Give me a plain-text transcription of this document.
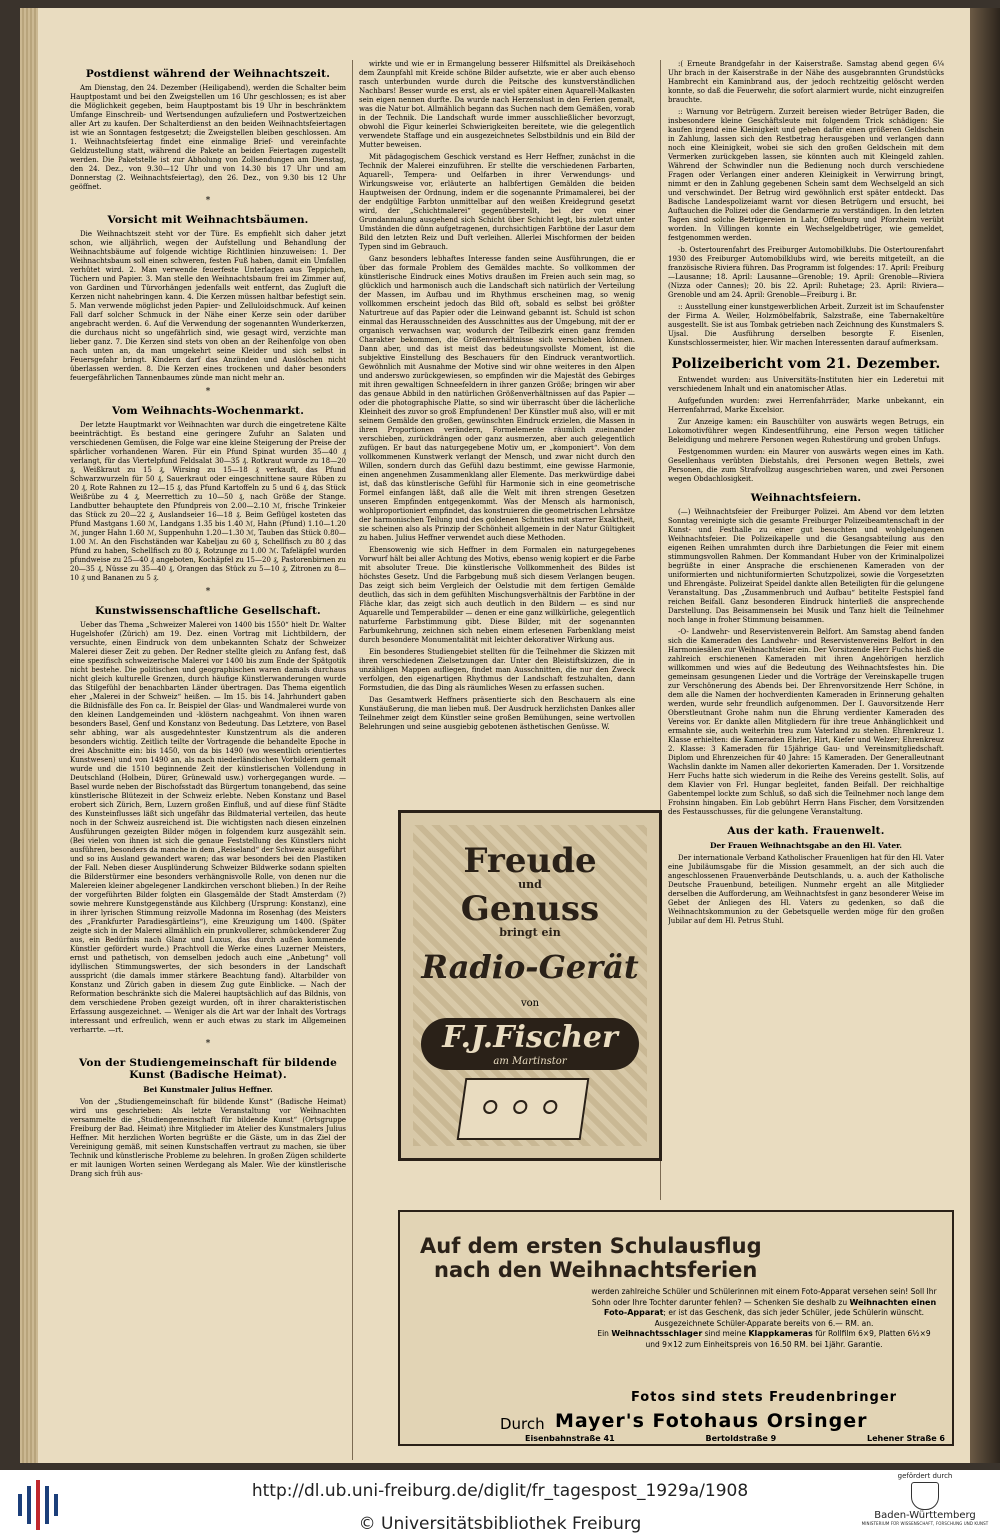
Postdienst während der Weihnachtszeit.

Am Dienstag, den 24. Dezember (Heiligabend), werden die Schalter beim Hauptpostamt und bei den Zweigstellen um 16 Uhr geschlossen; es ist aber die Möglichkeit gegeben, beim Hauptpostamt bis 19 Uhr in beschränktem Umfange Einschreib- und Wertsendungen aufzuliefern und Postwertzeichen aller Art zu kaufen. Der Schalterdienst an den beiden Weihnachtsfeiertagen ist wie an Sonntagen festgesetzt; die Zweigstellen bleiben geschlossen. Am 1. Weihnachtsfeiertag findet eine einmalige Brief- und vereinfachte Geldzustellung statt, während die Pakete an beiden Feiertagen zugestellt werden. Die Paketstelle ist zur Abholung von Zollsendungen am Dienstag, den 24. Dez., von 9.30—12 Uhr und von 14.30 bis 17 Uhr und am Donnerstag (2. Weihnachtsfeiertag), den 26. Dez., von 9.30 bis 12 Uhr geöffnet.

*
Vorsicht mit Weihnachtsbäumen.

Die Weihnachtszeit steht vor der Türe. Es empfiehlt sich daher jetzt schon, wie alljährlich, wegen der Aufstellung und Behandlung der Weihnachtsbäume auf folgende wichtige Richtlinien hinzuweisen: 1. Der Weihnachtsbaum soll einen schweren, festen Fuß haben, damit ein Umfallen verhütet wird. 2. Man verwende feuerfeste Unterlagen aus Teppichen, Tüchern und Papier. 3. Man stelle den Weihnachtsbaum frei im Zimmer auf, von Gardinen und Türvorhängen jedenfalls weit entfernt, das Zugluft die Kerzen nicht nahebringen kann. 4. Die Kerzen müssen haltbar befestigt sein. 5. Man verwende möglichst jeden Papier- und Zelluloidschmuck. Auf keinen Fall darf solcher Schmuck in der Nähe einer Kerze sein oder darüber angebracht werden. 6. Auf die Verwendung der sogenannten Wunderkerzen, die durchaus nicht so ungefährlich sind, wie gesagt wird, verzichte man lieber ganz. 7. Die Kerzen sind stets von oben an der Reihenfolge von oben nach unten an, da man umgekehrt seine Kleider und sich selbst in Feuersgefahr bringt. Kindern darf das Anzünden und Auslöschen nicht überlassen werden. 8. Die Kerzen eines trockenen und daher besonders feuergefährlichen Tannenbaumes zünde man nicht mehr an.

*
Vom Weihnachts-Wochenmarkt.

Der letzte Hauptmarkt vor Weihnachten war durch die eingetretene Kälte beeinträchtigt. Es bestand eine geringere Zufuhr an Salaten und verschiedenen Gemüsen, die Folge war eine kleine Steigerung der Preise der spärlicher vorhandenen Waren. Für ein Pfund Spinat wurden 35—40 ₰ verlangt, für das Viertelpfund Feldsalat 30—35 ₰. Rotkraut wurde zu 18—20 ₰, Weißkraut zu 15 ₰, Wirsing zu 15—18 ₰ verkauft, das Pfund Schwarzwurzeln für 50 ₰, Sauerkraut oder eingeschnittene saure Rüben zu 20 ₰, Rote Rahnen zu 12—15 ₰, das Pfund Kartoffeln zu 5 und 6 ₰, das Stück Weißrübe zu 4 ₰, Meerrettich zu 10—50 ₰, nach Größe der Stange. Landbutter behauptete den Pfundpreis von 2.00—2.10 ℳ, frische Trinkeier das Stück zu 20—22 ₰, Auslandseier 16—18 ₰. Beim Geflügel kosteten das Pfund Mastgans 1.60 ℳ, Landgans 1.35 bis 1.40 ℳ, Hahn (Pfund) 1.10—1.20 ℳ, junger Hahn 1.60 ℳ, Suppenhuhn 1.20—1.30 ℳ, Tauben das Stück 0.80—1.00 ℳ. An den Fischständen war Kabeljau zu 60 ₰, Schellfisch zu 80 ₰ das Pfund zu haben, Schellfisch zu 80 ₰, Rotzunge zu 1.00 ℳ. Tafeläpfel wurden pfundweise zu 25—40 ₰ angeboten, Kochäpfel zu 15—20 ₰, Pastorenbirnen zu 20—35 ₰, Nüsse zu 35—40 ₰, Orangen das Stück zu 5—10 ₰, Zitronen zu 8—10 ₰ und Bananen zu 5 ₰.

*
Kunstwissenschaftliche Gesellschaft.

Ueber das Thema „Schweizer Malerei von 1400 bis 1550“ hielt Dr. Walter Hugelshofer (Zürich) am 19. Dez. einen Vortrag mit Lichtbildern, der versuchte, einen Eindruck von dem unbekannten Schatz der Schweizer Malerei dieser Zeit zu geben. Der Redner stellte gleich zu Anfang fest, daß eine spezifisch schweizerische Malerei vor 1400 bis zum Ende der Spätgotik nicht bestehe. Die politischen und geographischen waren damals durchaus nicht gleich kulturelle Grenzen, durch häufige Künstlerwanderungen wurde das Stilgefühl der benachbarten Länder übertragen. Das Thema eigentlich eher „Malerei in der Schweiz“ heißen. — Im 15. bis 14. Jahrhundert gaben die Bildnisfälle des Fon ca. Ir. Beispiel der Glas- und Wandmalerei wurde von den kleinen Landgemeinden und -klöstern nachgeahmt. Von ihnen waren besonders Basel, Genf und Konstanz von Bedeutung. Das Letztere, von Basel sehr abhing, war als ausgedehntester Kunstzentrum als die anderen besonders wichtig. Zeitlich teilte der Vortragende die behandelte Epoche in drei Abschnitte ein: bis 1450, von da bis 1490 (wo wesentlich orientiertes Kunstwesen) und von 1490 an, als nach niederländischen Vorbildern gemalt wurde und die 1510 beginnende Zeit der künstlerischen Vollendung in Deutschland (Holbein, Dürer, Grünewald usw.) vorhergegangen wurde. — Basel wurde neben der Bischofsstadt das Bürgertum tonangebend, das seine künstlerische Blütezeit in der Schweiz erlebte. Neben Konstanz und Basel erobert sich Zürich, Bern, Luzern großen Einfluß, und auf diese fünf Städte des Kunsteinflusses läßt sich ungefähr das Bildmaterial verteilen, das heute noch in der Schweiz ausreichend ist. Die wichtigsten nach diesen einzelnen Ausführungen gezeigten Bilder mögen in folgendem kurz ausgezählt sein. (Bei vielen von ihnen ist sich die genaue Feststellung des Künstlers nicht ausführen, besonders da manche in dem „Reiseland“ der Schweiz ausgeführt und so ins Ausland gewandert waren; das war besonders bei den Plastiken der Fall. Neben dieser Ausplünderung Schweizer Bildwerke sodann spielten die Bilderstürmer eine besonders verhängnisvolle Rolle, von denen nur die Malereien kleiner abgelegener Landkirchen verschont blieben.) In der Reihe der vorgeführten Bilder folgten ein Glasgemälde der Stadt Amsterdam (?) sowie mehrere Kunstgegenstände aus Kilchberg (Ursprung: Konstanz), eine in ihrer lyrischen Stimmung reizvolle Madonna im Rosenhag (des Meisters des „Frankfurter Paradiesgärtleins“), eine Kreuzigung um 1400. (Später zeigte sich in der Malerei allmählich ein prunkvollerer, schmückenderer Zug aus, ein Bedürfnis nach Glanz und Luxus, das durch außen kommende Künstler gefördert wurde.) Prachtvoll die Werke eines Luzerner Meisters, ernst und pathetisch, von demselben jedoch auch eine „Anbetung“ voll idyllischen Stimmungswertes, der sich besonders in der Landschaft ausspricht (die damals immer stärkere Beachtung fand). Altarbilder von Konstanz und Zürich gaben in diesem Zug gute Einblicke. — Nach der Reformation beschränkte sich die Malerei hauptsächlich auf das Bildnis, von dem verschiedene Proben gezeigt wurden, oft in ihrer charakteristischen Erfassung ausgezeichnet. — Weniger als die Art war der Inhalt des Vortrags interessant und erfreulich, wenn er auch etwas zu stark im Allgemeinen verharrte. —rt.

*
Von der Studiengemeinschaft für bildende Kunst (Badische Heimat).
Bei Kunstmaler Julius Heffner.

Von der „Studiengemeinschaft für bildende Kunst“ (Badische Heimat) wird uns geschrieben: Als letzte Veranstaltung vor Weihnachten versammelte die „Studiengemeinschaft für bildende Kunst“ (Ortsgruppe Freiburg der Bad. Heimat) ihre Mitglieder im Atelier des Kunstmalers Julius Heffner. Mit herzlichen Worten begrüßte er die Gäste, um in das Ziel der Vereinigung gemäß, mit seinen Kunstschaffen vertraut zu machen, sie über Technik und künstlerische Probleme zu belehren. In großen Zügen schilderte er mit launigen Worten seinen Werdegang als Maler. Wie der künstlerische Drang sich früh aus-

wirkte und wie er in Ermangelung besserer Hilfsmittel als Dreikäsehoch dem Zaunpfahl mit Kreide schöne Bilder aufsetzte, wie er aber auch ebenso rasch unterbunden wurde durch die Peitsche des kunstverständlichen Nachbars! Besser wurde es erst, als er viel später einen Aquarell-Malkasten sein eigen nennen durfte. Da wurde nach Herzenslust in den Ferien gemalt, was die Natur bot. Allmählich begann das Suchen nach dem Gemäßen, vorab in der Technik. Die Landschaft wurde immer ausschließlicher bevorzugt, obwohl die Figur keinerlei Schwierigkeiten bereitete, wie die gelegentlich verwendete Staffage und ein ausgezeichnetes Selbstbildnis und ein Bild der Mutter beweisen.

Mit pädagogischem Geschick verstand es Herr Heffner, zunächst in die Technik der Malerei einzuführen. Er stellte die verschiedenen Farbarten, Aquarell-, Tempera- und Oelfarben in ihrer Verwendungs- und Wirkungsweise vor, erläuterte an halbfertigen Gemälden die beiden Hauptweisen der Ordnung, indem er die sogenannte Primamalerei, bei der der endgültige Farbton unmittelbar auf den weißen Kreidegrund gesetzt wird, der „Schichtmalerei“ gegenüberstellt, bei der von einer Grundanmalung ausgehend sich Schicht über Schicht legt, bis zuletzt unter Umständen die dünn aufgetragenen, durchsichtigen Farbtöne der Lasur dem Bild den letzten Reiz und Duft verleihen. Allerlei Mischformen der beiden Typen sind im Gebrauch.

Ganz besonders lebhaftes Interesse fanden seine Ausführungen, die er über das formale Problem des Gemäldes machte. So vollkommen der künstlerische Eindruck eines Motivs draußen im Freien auch sein mag, so glücklich und harmonisch auch die Landschaft sich natürlich der Verteilung der Massen, im Aufbau und im Rhythmus erscheinen mag, so wenig vollkommen erscheint jedoch das Bild oft, sobald es selbst bei größter Naturtreue auf das Papier oder die Leinwand gebannt ist. Schuld ist schon einmal das Herausschneiden des Ausschnittes aus der Umgebung, mit der er organisch verwachsen war, wodurch der Teilbezirk einen ganz fremden Charakter bekommen, die Größenverhältnisse sich verschieben können. Dann aber, und das ist meist das bedeutungsvollste Moment, ist die subjektive Einstellung des Beschauers für den Eindruck verantwortlich. Gewöhnlich mit Ausnahme der Motive sind wir ohne weiteres in den Alpen und anderswo zurückgewiesen, so empfinden wir die Majestät des Gebirges mit ihren gewaltigen Schneefeldern in ihrer ganzen Größe; bringen wir aber das genaue Abbild in den natürlichen Größenverhältnissen auf das Papier — oder die photographische Platte, so sind wir überrascht über die lächerliche Kleinheit des zuvor so groß Empfundenen! Der Künstler muß also, will er mit seinem Gemälde den großen, gewünschten Eindruck erzielen, die Massen in ihren Proportionen verändern, Formelemente räumlich zueinander verschieben, zurückdrängen oder ganz ausmerzen, aber auch gelegentlich zufügen. Er baut das naturgegebene Motiv um, er „komponiert“. Von dem vollkommenen Kunstwerk verlangt der Mensch, und zwar nicht durch den Willen, sondern durch das Gefühl dazu bestimmt, eine gewisse Harmonie, einen angenehmen Zusammenklang aller Elemente. Das merkwürdige dabei ist, daß das künstlerische Gefühl für Harmonie sich in eine geometrische Formel einfangen läßt, daß alle die Welt mit ihren strengen Gesetzen unseren Empfinden entgegenkommt. Was der Mensch als harmonisch, wohlproportioniert empfindet, das konstruieren die geometrischen Lehrsätze der harmonischen Teilung und des goldenen Schnittes mit starrer Exaktheit, sie scheinen also als Prinzip der Schönheit allgemein in der Natur Gültigkeit zu haben. Julius Heffner verwendet auch diese Methoden.

Ebensowenig wie sich Heffner in dem Formalen ein naturgegebenes Vorwurf hält bei aller Achtung des Motivs, ebenso wenig kopiert er die Farbe mit absoluter Treue. Die künstlerische Vollkommenheit des Bildes ist höchstes Gesetz. Und die Farbgebung muß sich diesem Verlangen beugen. Das zeigt sich beim Vergleich der Oelstudie mit dem fertigen Gemälde deutlich, das sich in dem gefühlten Mischungsverhältnis der Farbtöne in der Fläche klar, das zeigt sich auch deutlich in den Bildern — es sind nur Aquarelle und Temperabilder — denen er eine ganz willkürliche, gelegentlich naturferne Farbstimmung gibt. Diese Bilder, mit der sogenannten Farbumkehrung, zeichnen sich neben einem erlesenen Farbenklang meist durch besondere Monumentalität mit leichter dekorativer Wirkung aus.

Ein besonderes Studiengebiet stellten für die Teilnehmer die Skizzen mit ihren verschiedenen Zielsetzungen dar. Unter den Bleistiftskizzen, die in unzähligen Mappen aufliegen, findet man Ausschnitten, die nur den Zweck verfolgen, den eigenartigen Rhythmus der Landschaft festzuhalten, dann Formstudien, die das Ding als räumliches Wesen zu erfassen suchen.

Das Gesamtwerk Heffners präsentierte sich den Beschauern als eine Kunstäußerung, die man lieben muß. Der Ausdruck herzlichsten Dankes aller Teilnehmer zeigt dem Künstler seine großen Bemühungen, seine wertvollen Belehrungen und seine ausgiebig gebotenen ästhetischen Genüsse. W.

:( Erneute Brandgefahr in der Kaiserstraße. Samstag abend gegen 6¼ Uhr brach in der Kaiserstraße in der Nähe des ausgebrannten Grundstücks Hambrecht ein Kaminbrand aus, der jedoch rechtzeitig gelöscht werden konnte, so daß die Feuerwehr, die sofort alarmiert wurde, nicht einzugreifen brauchte.

:: Warnung vor Betrügern. Zurzeit bereisen wieder Betrüger Baden, die insbesondere kleine Geschäftsleute mit folgendem Trick schädigen: Sie kaufen irgend eine Kleinigkeit und geben dafür einen größeren Geldschein in Zahlung, lassen sich den Restbetrag herausgeben und verlangen dann noch eine Kleinigkeit, wobei sie sich den großen Geldschein mit dem Vermerken zurückgeben lassen, sie könnten auch mit Kleingeld zahlen. Während der Schwindler nun die Bedienung noch durch verschiedene Fragen oder Verlangen einer anderen Kleinigkeit in Verwirrung bringt, nimmt er den in Zahlung gegebenen Schein samt dem Wechselgeld an sich und verschwindet. Der Betrug wird gewöhnlich erst später entdeckt. Das Badische Landespolizeiamt warnt vor diesen Betrügern und ersucht, bei Auftauchen die Polizei oder die Gendarmerie zu verständigen. In den letzten Tagen sind solche Betrügereien in Lahr, Offenburg und Pforzheim verübt worden. In Villingen konnte ein Wechselgeldbetrüger, wie gemeldet, festgenommen werden.

-b. Ostertourenfahrt des Freiburger Automobilklubs. Die Ostertourenfahrt 1930 des Freiburger Automobilklubs wird, wie bereits mitgeteilt, an die französische Riviera führen. Das Programm ist folgendes: 17. April: Freiburg—Lausanne; 18. April: Lausanne—Grenoble; 19. April: Grenoble—Riviera (Nizza oder Cannes); 20. bis 22. April: Ruhetage; 23. April: Riviera—Grenoble und am 24. April: Grenoble—Freiburg i. Br.

:: Ausstellung einer kunstgewerblichen Arbeit. Zurzeit ist im Schaufenster der Firma A. Weiler, Holzmöbelfabrik, Salzstraße, eine Tabernakeltüre ausgestellt. Sie ist aus Tombak getrieben nach Zeichnung des Kunstmalers S. Ujsal. Die Ausführung derselben besorgte F. Eisenlen, Kunstschlossermeister, hier. Wir machen Interessenten darauf aufmerksam.

Polizeibericht vom 21. Dezember.

Entwendet wurden: aus Universitäts-Instituten hier ein Lederetui mit verschiedenem Inhalt und ein anatomischer Atlas.

Aufgefunden wurden: zwei Herrenfahrräder, Marke unbekannt, ein Herrenfahrrad, Marke Excelsior.

Zur Anzeige kamen: ein Bauschülter von auswärts wegen Betrugs, ein Lokomotivführer wegen Kindesentführung, eine Person wegen tätlicher Beleidigung und mehrere Personen wegen Ruhestörung und groben Unfugs.

Festgenommen wurden: ein Maurer von auswärts wegen eines im Kath. Gesellenhaus verübten Diebstahls, drei Personen wegen Bettels, zwei Personen, die zum Strafvollzug ausgeschrieben waren, und zwei Personen wegen Obdachlosigkeit.

Weihnachtsfeiern.

(—) Weihnachtsfeier der Freiburger Polizei. Am Abend vor dem letzten Sonntag vereinigte sich die gesamte Freiburger Polizeibeamtenschaft in der Kunst- und Festhalle zu einer gut besuchten und wohlgelungenen Weihnachtsfeier. Die Polizeikapelle und die Gesangsabteilung aus den eigenen Reihen umrahmten durch ihre Darbietungen die Feier mit einem stimmungsvollen Rahmen. Der Kommandant Huber von der Kriminalpolizei begrüßte in einer Ansprache die erschienenen Kameraden von der uniformierten und nichtuniformierten Schutzpolizei, sowie die Vorgesetzten und Ehrengäste. Polizeirat Speidel dankte allen Beteiligten für die gelungene Veranstaltung. Das „Zusammenbruch und Aufbau“ betitelte Festspiel fand reichen Beifall. Ganz besonderen Eindruck hinterließ die ansprechende Darstellung. Das Beisammensein bei Musik und Tanz hielt die Teilnehmer noch lange in froher Stimmung beisammen.

-O- Landwehr- und Reservistenverein Belfort. Am Samstag abend fanden sich die Kameraden des Landwehr- und Reservistenvereins Belfort in den Harmoniesälen zur Weihnachtsfeier ein. Der Vorsitzende Herr Fuchs hieß die zahlreich erschienenen Kameraden mit ihren Angehörigen herzlich willkommen und wies auf die Bedeutung des Weihnachtsfestes hin. Die gemeinsam gesungenen Lieder und die Vorträge der Vereinskapelle trugen zur Verschönerung des Abends bei. Der Ehrenvorsitzende Herr Schöne, in dem alle die Namen der hochverdienten Kameraden in Erinnerung gehalten werden, wurde sehr freundlich aufgenommen. Der I. Gauvorsitzende Herr Oberstleutnant Grohe nahm nun die Ehrung verdienter Kameraden des Vereins vor. Er dankte allen Mitgliedern für ihre treue Anhänglichkeit und ermahnte sie, auch weiterhin treu zum Vaterland zu stehen. Ehrenkreuz 1. Klasse erhielten: die Kameraden Ehrler, Hirt, Kiefer und Welzer; Ehrenkreuz 2. Klasse: 3 Kameraden für 15jährige Gau- und Vereinsmitgliedschaft. Diplom und Ehrenzeichen für 40 Jahre: 15 Kameraden. Der Generalleutnant Wachslin dankte im Namen aller dekorierten Kameraden. Der 1. Vorsitzende Herr Fuchs hatte sich wiederum in die Reihe des Vereins gestellt. Solis, auf dem Klavier von Frl. Hungar begleitet, fanden Beifall. Der reichhaltige Gabentempel lockte zum Schluß, so daß sich die Teilnehmer noch lange dem Frohsinn hingaben. Ein Lob gebührt Herrn Hans Fischer, dem Vorsitzenden des Festausschusses, für die gelungene Veranstaltung.

Aus der kath. Frauenwelt.
Der Frauen Weihnachtsgabe an den Hl. Vater.

Der internationale Verband Katholischer Frauenligen hat für den Hl. Vater eine Jubiläumsgabe für die Mission gesammelt, an der sich auch die angeschlossenen Frauenverbände Deutschlands, u. a. auch der Katholische Deutsche Frauenbund, beteiligen. Nunmehr ergeht an alle Mitglieder derselben die Aufforderung, am Weihnachtsfest in ganz besonderer Weise im Gebet der Anliegen des Hl. Vaters zu gedenken, so daß die Weihnachtskommunion zu der Gebetsquelle werden möge für den großen Jubilar auf dem Hl. Petrus Stuhl.

Freude
und
Genuss
bringt ein
Radio-Gerät
von
F.J.Fischer
am Martinstor
Auf dem ersten Schulausflug
nach den Weihnachtsferien
werden zahlreiche Schüler und Schülerinnen mit einem Foto-Apparat versehen sein! Soll Ihr Sohn oder Ihre Tochter darunter fehlen? — Schenken Sie deshalb zu Weihnachten einen Foto-Apparat; er ist das Geschenk, das sich jeder Schüler, jede Schülerin wünscht. Ausgezeichnete Schüler-Apparate bereits von 6.— RM. an.
Ein Weihnachtsschlager sind meine Klappkameras für Rollfilm 6×9, Platten 6½×9 und 9×12 zum Einheitspreis von 16.50 RM. bei 1jähr. Garantie.
Fotos sind stets Freudenbringer
Durch Mayer's Fotohaus Orsinger
Eisenbahnstraße 41	Bertoldstraße 9	Lehener Straße 6
http://dl.ub.uni-freiburg.de/diglit/fr_tagespost_1929a/1908
© Universitätsbibliothek Freiburg
gefördert durch
Baden-Württemberg
MINISTERIUM FÜR WISSENSCHAFT, FORSCHUNG UND KUNST
